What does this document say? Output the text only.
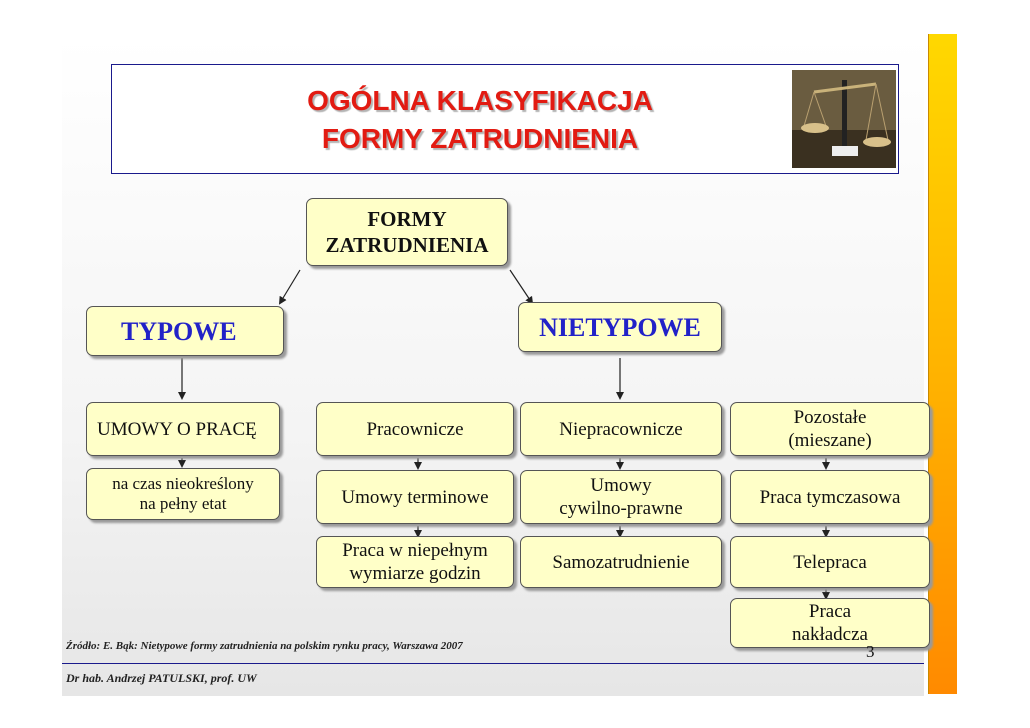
OGÓLNA KLASYFIKACJA
FORMY ZATRUDNIENIA
FORMY
ZATRUDNIENIA
TYPOWE	NIETYPOWE
UMOWY O PRACĘ	Pracownicze	Niepracownicze
Pozostałe
(mieszane)
na czas nieokreślony
na pełny etat	Umowy terminowe
Umowy
cywilno-prawne
Praca tymczasowa
Praca w niepełnym
wymiarze godzin
Samozatrudnienie	Telepraca
Praca
nakładcza
Źródło: E. Bąk: Nietypowe formy zatrudnienia na polskim rynku pracy, Warszawa 2007	3
Dr hab. Andrzej PATULSKI, prof. UW
